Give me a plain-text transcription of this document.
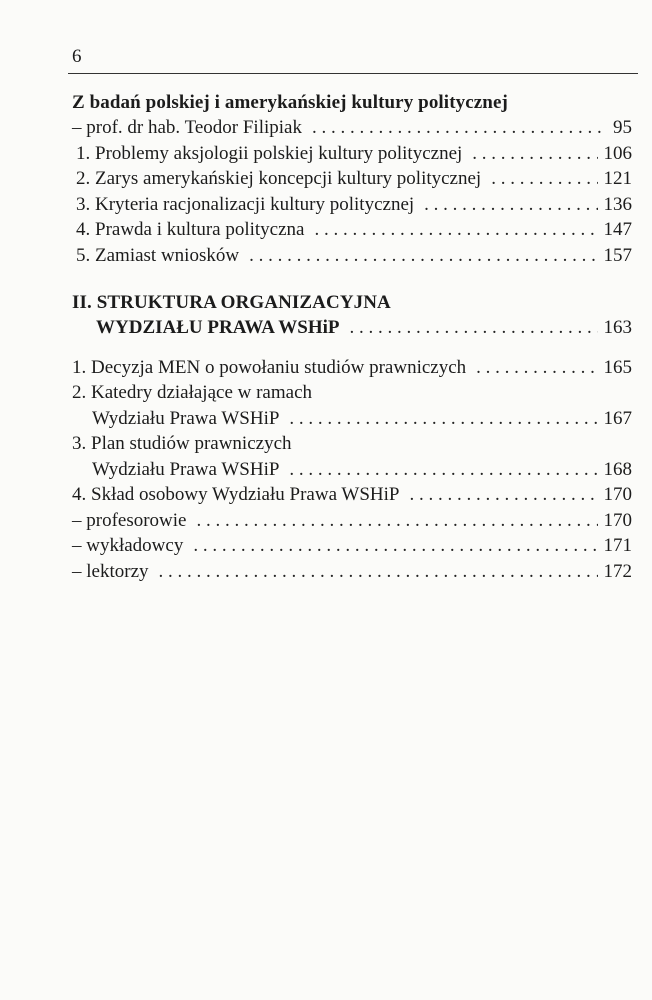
6
Z badań polskiej i amerykańskiej kultury politycznej
– prof. dr hab. Teodor Filipiak . . .	95
1. Problemy aksjologii polskiej kultury politycznej . . .	106
2. Zarys amerykańskiej koncepcji kultury politycznej . . .	121
3. Kryteria racjonalizacji kultury politycznej . . .	136
4. Prawda i kultura polityczna . . .	147
5. Zamiast wniosków . . .	157
II. STRUKTURA ORGANIZACYJNA
WYDZIAŁU PRAWA WSHiP . . .	163
1. Decyzja MEN o powołaniu studiów prawniczych . . .	165
2. Katedry działające w ramach
Wydziału Prawa WSHiP . . .	167
3. Plan studiów prawniczych
Wydziału Prawa WSHiP . . .	168
4. Skład osobowy Wydziału Prawa WSHiP . . .	170
– profesorowie . . .	170
– wykładowcy . . .	171
– lektorzy . . .	172
